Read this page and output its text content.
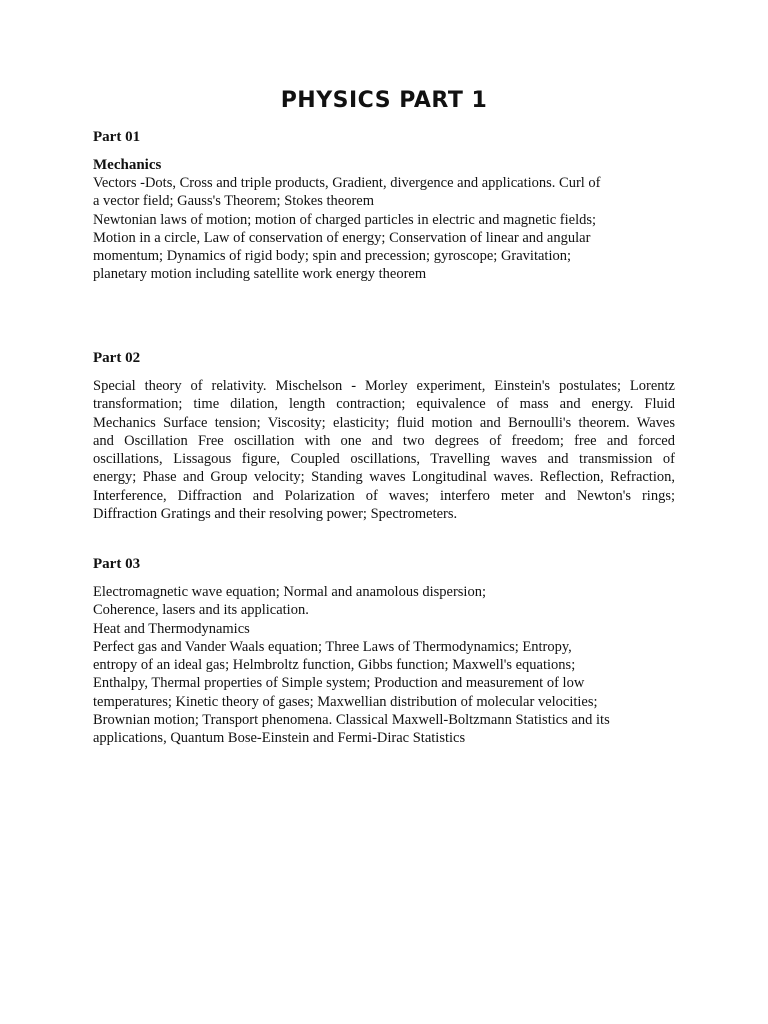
PHYSICS PART 1

Part 01

Mechanics

Vectors -Dots, Cross and triple products, Gradient, divergence and applications. Curl of

a vector field; Gauss's Theorem; Stokes theorem

Newtonian laws of motion; motion of charged particles in electric and magnetic fields;

Motion in a circle, Law of conservation of energy; Conservation of linear and angular

momentum; Dynamics of rigid body; spin and precession; gyroscope; Gravitation;

planetary motion including satellite work energy theorem

Part 02

Special theory of relativity. Mischelson - Morley experiment, Einstein's postulates; Lorentz

transformation; time dilation, length contraction; equivalence of mass and energy. Fluid

Mechanics Surface tension; Viscosity; elasticity; fluid motion and Bernoulli's theorem. Waves

and Oscillation Free oscillation with one and two degrees of freedom; free and forced

oscillations, Lissagous figure, Coupled oscillations, Travelling waves and transmission of

energy; Phase and Group velocity; Standing waves Longitudinal waves. Reflection, Refraction,

Interference, Diffraction and Polarization of waves; interfero meter and Newton's rings;

Diffraction Gratings and their resolving power; Spectrometers.

Part 03

Electromagnetic wave equation; Normal and anamolous dispersion;

Coherence, lasers and its application.

Heat and Thermodynamics

Perfect gas and Vander Waals equation; Three Laws of Thermodynamics; Entropy,

entropy of an ideal gas; Helmbroltz function, Gibbs function; Maxwell's equations;

Enthalpy, Thermal properties of Simple system; Production and measurement of low

temperatures; Kinetic theory of gases; Maxwellian distribution of molecular velocities;

Brownian motion; Transport phenomena. Classical Maxwell-Boltzmann Statistics and its

applications, Quantum Bose-Einstein and Fermi-Dirac Statistics
